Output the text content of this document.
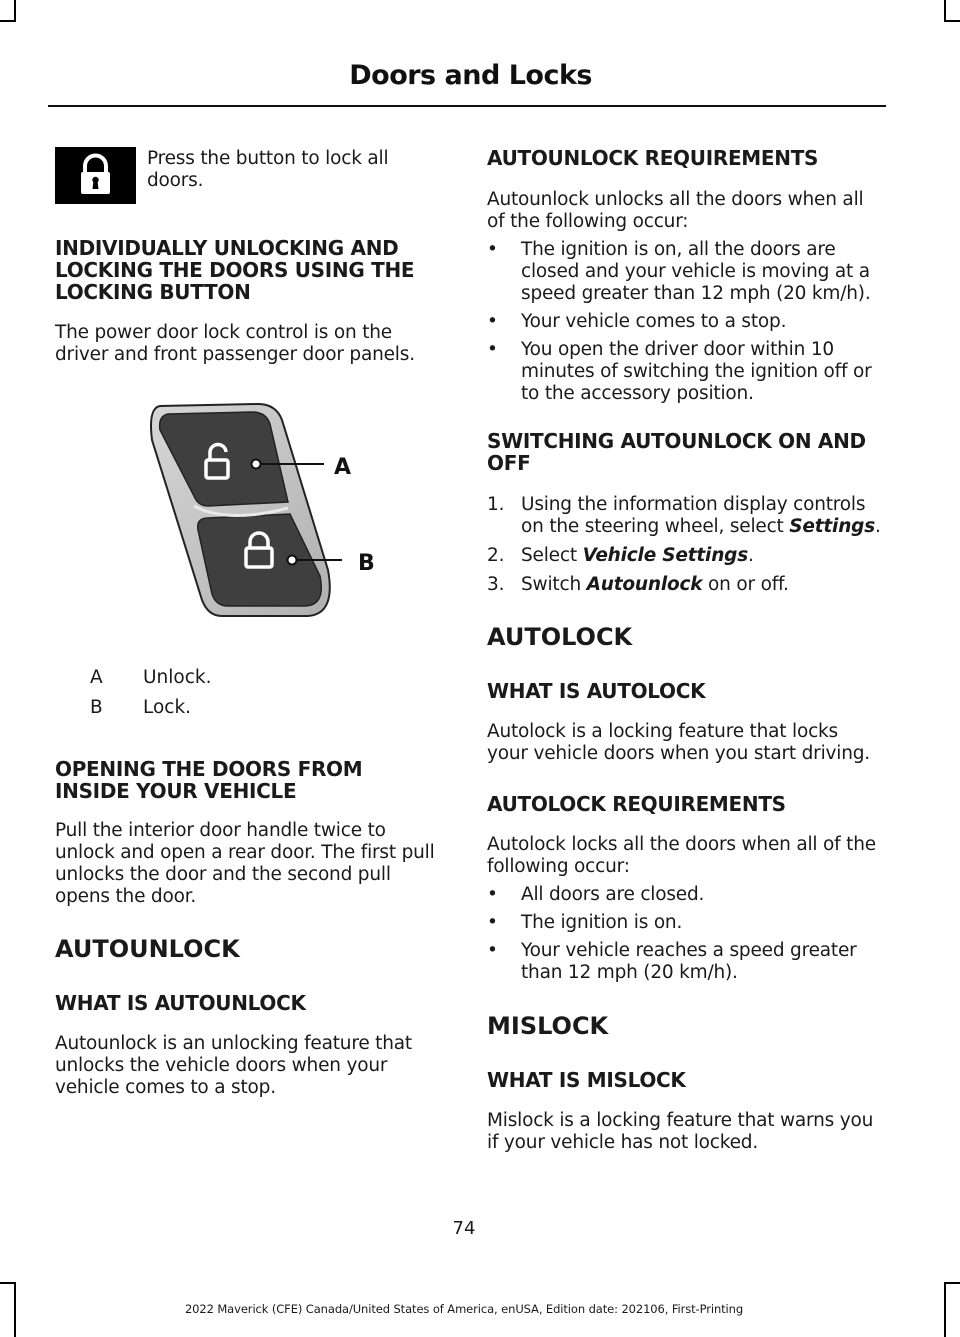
Doors and Locks

Press the button to lock all doors.

INDIVIDUALLY UNLOCKING AND LOCKING THE DOORS USING THE LOCKING BUTTON

The power door lock control is on the driver and front passenger door panels.

A
B
A Unlock.
B Lock.
OPENING THE DOORS FROM INSIDE YOUR VEHICLE

Pull the interior door handle twice to unlock and open a rear door. The first pull unlocks the door and the second pull opens the door.

AUTOUNLOCK
WHAT IS AUTOUNLOCK

Autounlock is an unlocking feature that unlocks the vehicle doors when your vehicle comes to a stop.

AUTOUNLOCK REQUIREMENTS

Autounlock unlocks all the doors when all of the following occur:

• The ignition is on, all the doors are closed and your vehicle is moving at a speed greater than 12 mph (20 km/h).
• Your vehicle comes to a stop.
• You open the driver door within 10 minutes of switching the ignition off or to the accessory position.
SWITCHING AUTOUNLOCK ON AND OFF
1. Using the information display controls on the steering wheel, select Settings.
2. Select Vehicle Settings.
3. Switch Autounlock on or off.
AUTOLOCK
WHAT IS AUTOLOCK

Autolock is a locking feature that locks your vehicle doors when you start driving.

AUTOLOCK REQUIREMENTS

Autolock locks all the doors when all of the following occur:

• All doors are closed.
• The ignition is on.
• Your vehicle reaches a speed greater than 12 mph (20 km/h).
MISLOCK
WHAT IS MISLOCK

Mislock is a locking feature that warns you if your vehicle has not locked.

74
2022 Maverick (CFE) Canada/United States of America, enUSA, Edition date: 202106, First-Printing
